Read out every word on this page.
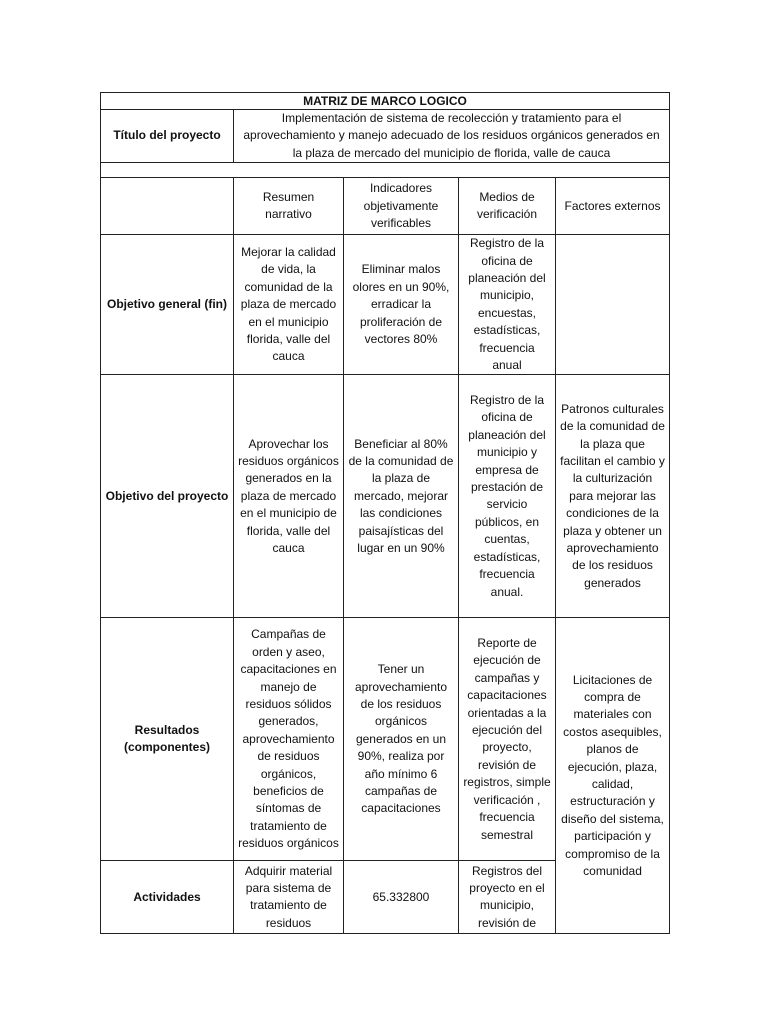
MATRIZ DE MARCO LOGICO				
Título del proyecto	Implementación de sistema de recolección y tratamiento para el aprovechamiento y manejo adecuado de los residuos orgánicos generados en la plaza de mercado del municipio de florida, valle de cauca			

	Resumen narrativo	Indicadores objetivamente verificables	Medios de verificación	Factores externos
Objetivo general (fin)	Mejorar la calidad de vida, la comunidad de la plaza de mercado en el municipio florida, valle del cauca	Eliminar malos olores en un 90%, erradicar la proliferación de vectores 80%	Registro de la oficina de planeación del municipio, encuestas, estadísticas, frecuencia anual	
Objetivo del proyecto	Aprovechar los residuos orgánicos generados en la plaza de mercado en el municipio de florida, valle del cauca	Beneficiar al 80% de la comunidad de la plaza de mercado, mejorar las condiciones paisajísticas del lugar en un 90%	Registro de la oficina de planeación del municipio y empresa de prestación de servicio públicos, en cuentas, estadísticas, frecuencia anual.	Patronos culturales de la comunidad de la plaza que facilitan el cambio y la culturización para mejorar las condiciones de la plaza y obtener un aprovechamiento de los residuos generados
Resultados (componentes)	Campañas de orden y aseo, capacitaciones en manejo de residuos sólidos generados, aprovechamiento de residuos orgánicos, beneficios de síntomas de tratamiento de residuos orgánicos	Tener un aprovechamiento de los residuos orgánicos generados en un 90%, realiza por año mínimo 6 campañas de capacitaciones	Reporte de ejecución de campañas y capacitaciones orientadas a la ejecución del proyecto, revisión de registros, simple verificación , frecuencia semestral	Licitaciones de compra de materiales con costos asequibles, planos de ejecución, plaza, calidad, estructuración y diseño del sistema, participación y compromiso de la comunidad
Actividades	Adquirir material para sistema de tratamiento de residuos	65.332800	Registros del proyecto en el municipio, revisión de	
